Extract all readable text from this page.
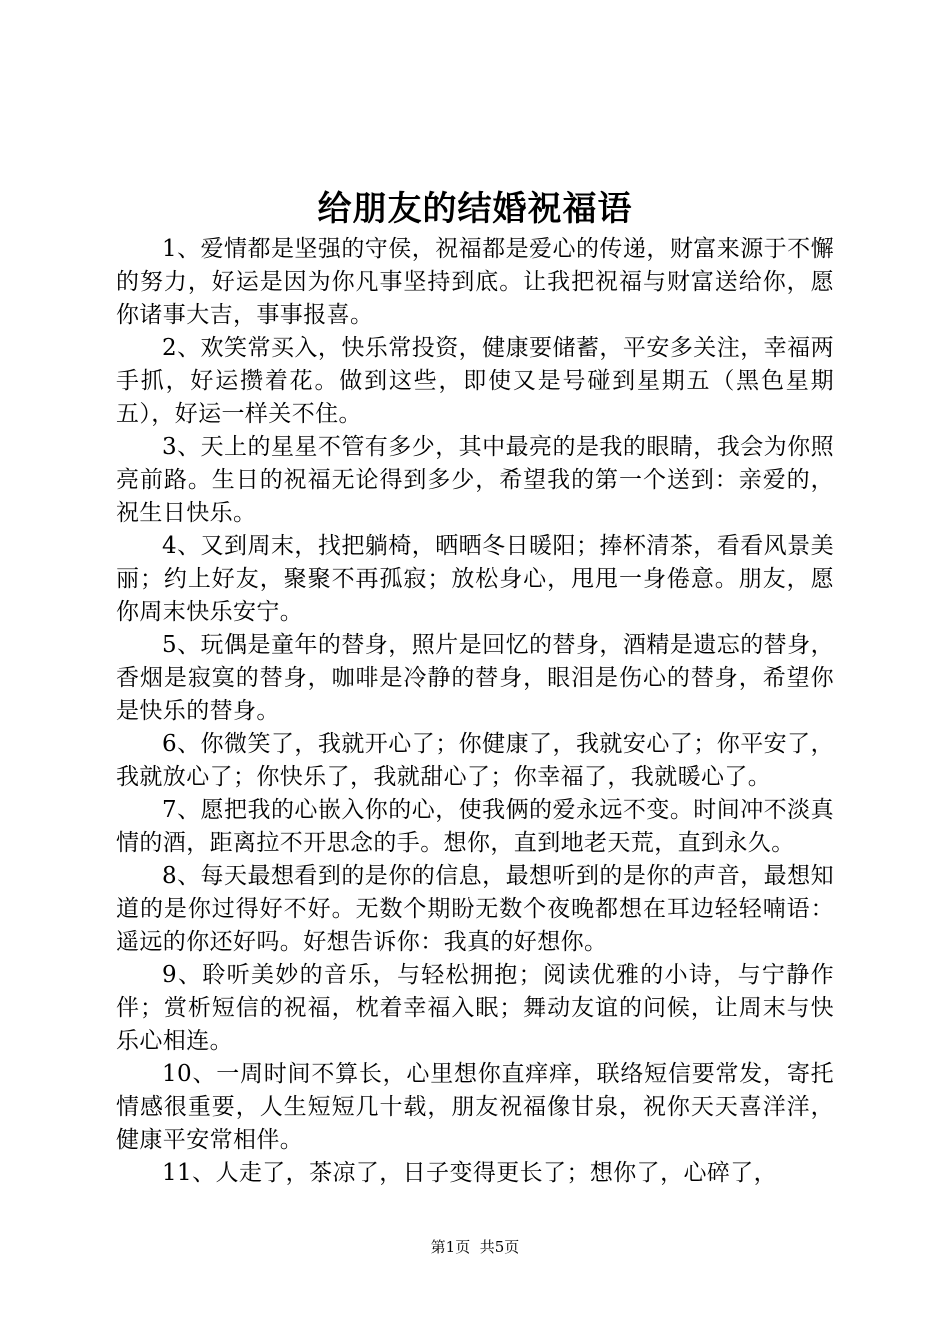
给朋友的结婚祝福语

1、爱情都是坚强的守侯，祝福都是爱心的传递，财富来源于不懈的努力，好运是因为你凡事坚持到底。让我把祝福与财富送给你，愿你诸事大吉，事事报喜。

2、欢笑常买入，快乐常投资，健康要储蓄，平安多关注，幸福两手抓，好运攒着花。做到这些，即使又是号碰到星期五（黑色星期五），好运一样关不住。

3、天上的星星不管有多少，其中最亮的是我的眼睛，我会为你照亮前路。生日的祝福无论得到多少，希望我的第一个送到：亲爱的，祝生日快乐。

4、又到周末，找把躺椅，晒晒冬日暖阳；捧杯清茶，看看风景美丽；约上好友，聚聚不再孤寂；放松身心，甩甩一身倦意。朋友，愿你周末快乐安宁。

5、玩偶是童年的替身，照片是回忆的替身，酒精是遗忘的替身，香烟是寂寞的替身，咖啡是冷静的替身，眼泪是伤心的替身，希望你是快乐的替身。

6、你微笑了，我就开心了；你健康了，我就安心了；你平安了，我就放心了；你快乐了，我就甜心了；你幸福了，我就暖心了。

7、愿把我的心嵌入你的心，使我俩的爱永远不变。时间冲不淡真情的酒，距离拉不开思念的手。想你，直到地老天荒，直到永久。

8、每天最想看到的是你的信息，最想听到的是你的声音，最想知道的是你过得好不好。无数个期盼无数个夜晚都想在耳边轻轻喃语：遥远的你还好吗。好想告诉你：我真的好想你。

9、聆听美妙的音乐，与轻松拥抱；阅读优雅的小诗，与宁静作伴；赏析短信的祝福，枕着幸福入眠；舞动友谊的问候，让周末与快乐心相连。

10、一周时间不算长，心里想你直痒痒，联络短信要常发，寄托情感很重要，人生短短几十载，朋友祝福像甘泉，祝你天天喜洋洋，健康平安常相伴。

11、人走了，茶凉了，日子变得更长了；想你了，心碎了，

第1页 共5页
